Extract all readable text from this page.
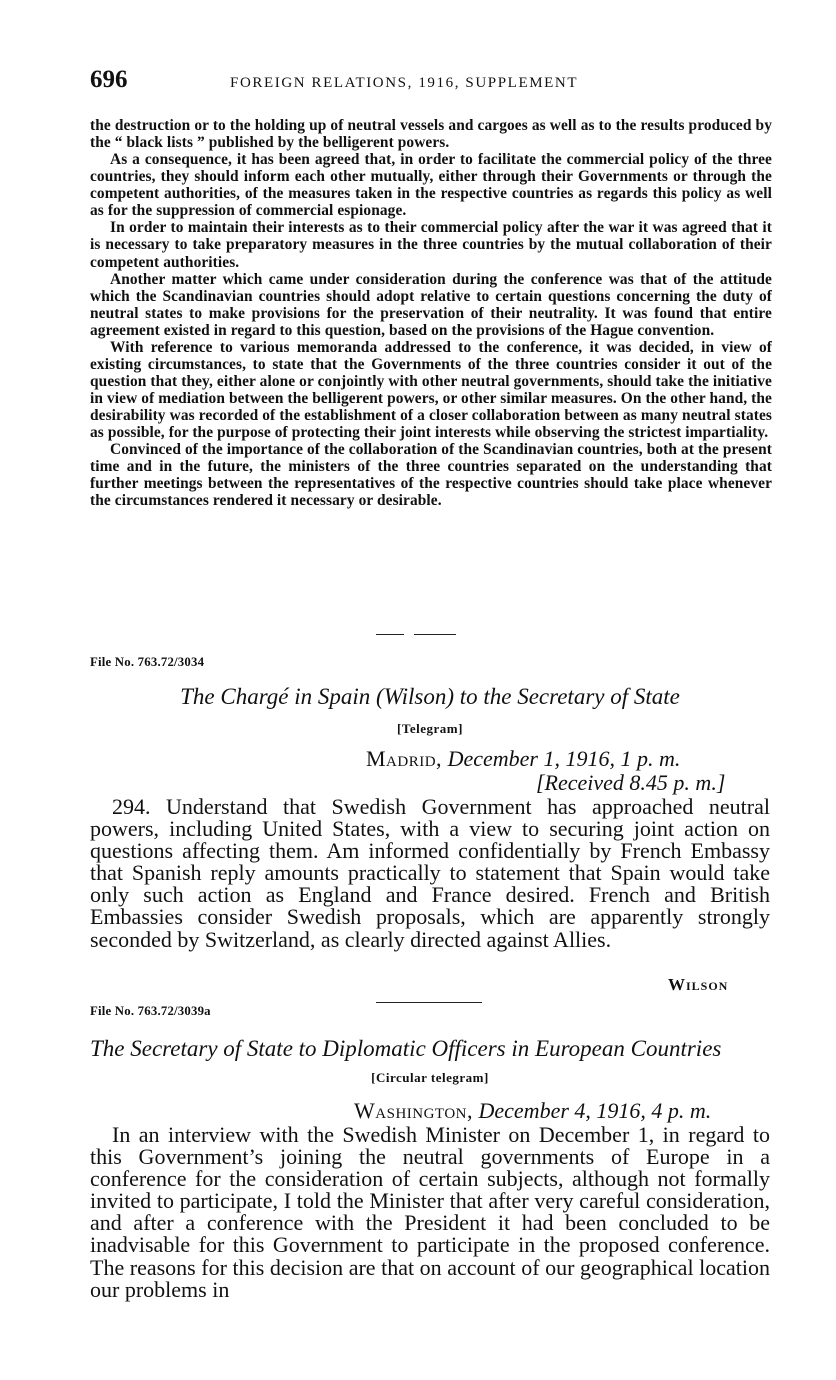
696	FOREIGN RELATIONS, 1916, SUPPLEMENT

the destruction or to the holding up of neutral vessels and cargoes as well as to the results produced by the “ black lists ” published by the belligerent powers.

As a consequence, it has been agreed that, in order to facilitate the commercial policy of the three countries, they should inform each other mutually, either through their Governments or through the competent authorities, of the measures taken in the respective countries as regards this policy as well as for the suppression of commercial espionage.

In order to maintain their interests as to their commercial policy after the war it was agreed that it is necessary to take preparatory measures in the three countries by the mutual collaboration of their competent authorities.

Another matter which came under consideration during the conference was that of the attitude which the Scandinavian countries should adopt relative to certain questions concerning the duty of neutral states to make provisions for the preservation of their neutrality. It was found that entire agreement existed in regard to this question, based on the provisions of the Hague convention.

With reference to various memoranda addressed to the conference, it was decided, in view of existing circumstances, to state that the Governments of the three countries consider it out of the question that they, either alone or conjointly with other neutral governments, should take the initiative in view of mediation between the belligerent powers, or other similar measures. On the other hand, the desirability was recorded of the establishment of a closer collaboration between as many neutral states as possible, for the purpose of protecting their joint interests while observing the strictest impartiality.

Convinced of the importance of the collaboration of the Scandinavian countries, both at the present time and in the future, the ministers of the three countries separated on the understanding that further meetings between the representatives of the respective countries should take place whenever the circumstances rendered it necessary or desirable.

File No. 763.72/3034
The Chargé in Spain (Wilson) to the Secretary of State
[Telegram]
Madrid, December 1, 1916, 1 p. m.
[Received 8.45 p. m.]

294. Understand that Swedish Government has approached neutral powers, including United States, with a view to securing joint action on questions affecting them. Am informed confidentially by French Embassy that Spanish reply amounts practically to statement that Spain would take only such action as England and France desired. French and British Embassies consider Swedish proposals, which are apparently strongly seconded by Switzerland, as clearly directed against Allies.

Wilson
File No. 763.72/3039a
The Secretary of State to Diplomatic Officers in European Countries
[Circular telegram]
Washington, December 4, 1916, 4 p. m.

In an interview with the Swedish Minister on December 1, in regard to this Government’s joining the neutral governments of Europe in a conference for the consideration of certain subjects, although not formally invited to participate, I told the Minister that after very careful consideration, and after a conference with the President it had been concluded to be inadvisable for this Government to participate in the proposed conference. The reasons for this decision are that on account of our geographical location our problems in
